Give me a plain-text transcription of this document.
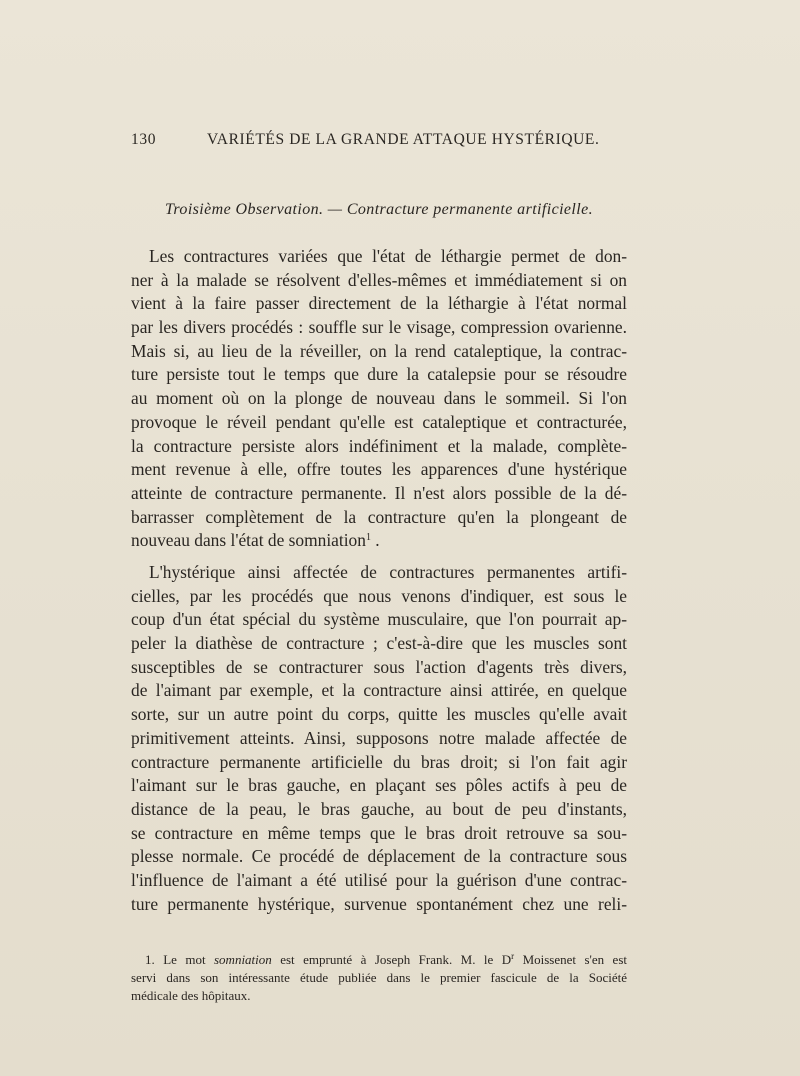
130	VARIÉTÉS DE LA GRANDE ATTAQUE HYSTÉRIQUE.
Troisième Observation. — Contracture permanente artificielle.
Les contractures variées que l'état de léthargie permet de don-
ner à la malade se résolvent d'elles-mêmes et immédiatement si on
vient à la faire passer directement de la léthargie à l'état normal
par les divers procédés : souffle sur le visage, compression ovarienne.
Mais si, au lieu de la réveiller, on la rend cataleptique, la contrac-
ture persiste tout le temps que dure la catalepsie pour se résoudre
au moment où on la plonge de nouveau dans le sommeil. Si l'on
provoque le réveil pendant qu'elle est cataleptique et contracturée,
la contracture persiste alors indéfiniment et la malade, complète-
ment revenue à elle, offre toutes les apparences d'une hystérique
atteinte de contracture permanente. Il n'est alors possible de la dé-
barrasser complètement de la contracture qu'en la plongeant de
nouveau dans l'état de somniation$^1$ .
L'hystérique ainsi affectée de contractures permanentes artifi-
cielles, par les procédés que nous venons d'indiquer, est sous le
coup d'un état spécial du système musculaire, que l'on pourrait ap-
peler la diathèse de contracture ; c'est-à-dire que les muscles sont
susceptibles de se contracturer sous l'action d'agents très divers,
de l'aimant par exemple, et la contracture ainsi attirée, en quelque
sorte, sur un autre point du corps, quitte les muscles qu'elle avait
primitivement atteints. Ainsi, supposons notre malade affectée de
contracture permanente artificielle du bras droit; si l'on fait agir
l'aimant sur le bras gauche, en plaçant ses pôles actifs à peu de
distance de la peau, le bras gauche, au bout de peu d'instants,
se contracture en même temps que le bras droit retrouve sa sou-
plesse normale. Ce procédé de déplacement de la contracture sous
l'influence de l'aimant a été utilisé pour la guérison d'une contrac-
ture permanente hystérique, survenue spontanément chez une reli-
1. Le mot somniation est emprunté à Joseph Frank. M. le D$^r$ Moissenet s'en est
servi dans son intéressante étude publiée dans le premier fascicule de la Société
médicale des hôpitaux.
